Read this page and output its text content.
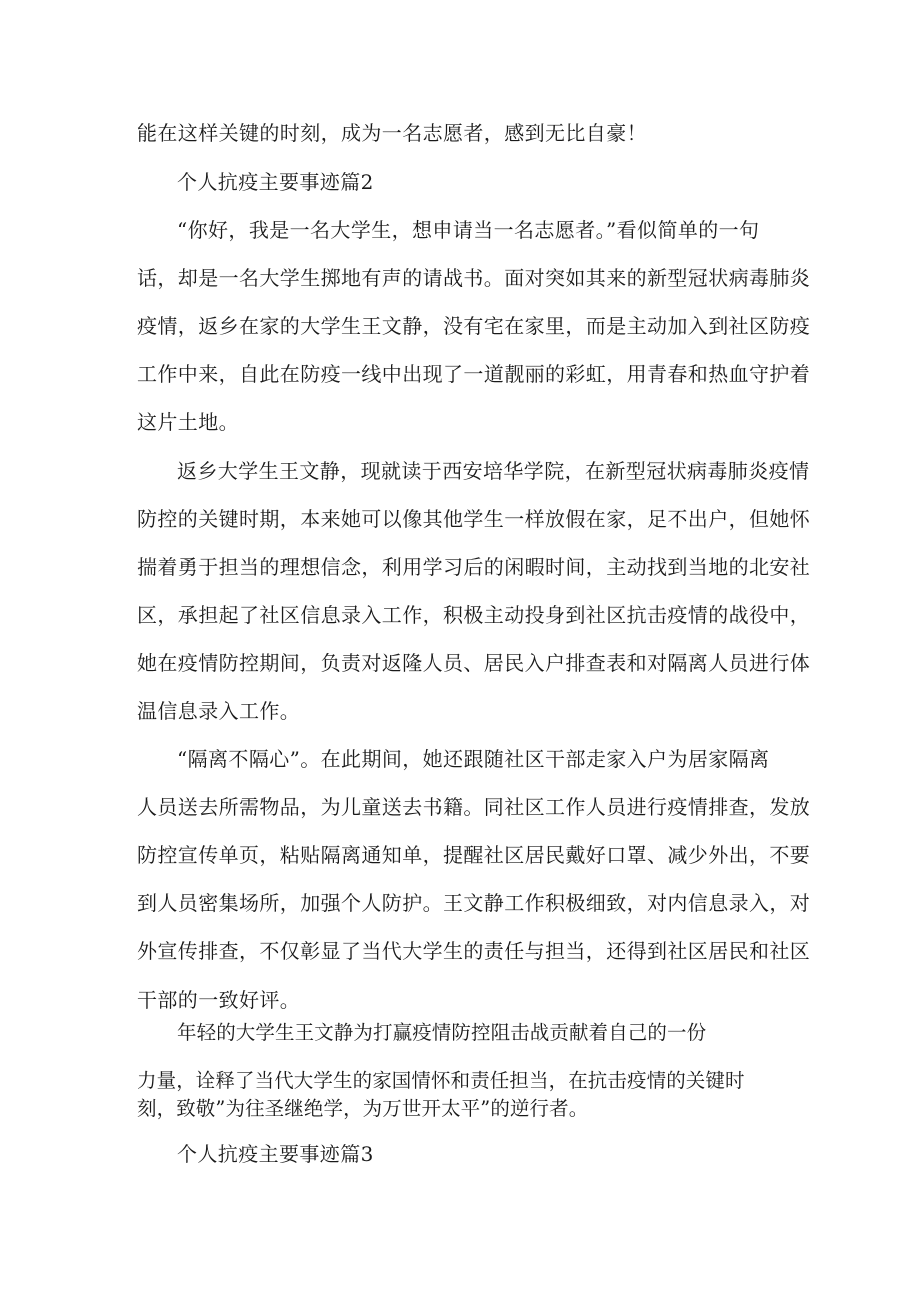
能在这样关键的时刻，成为一名志愿者，感到无比自豪！
个人抗疫主要事迹篇2
“你好，我是一名大学生，想申请当一名志愿者。”看似简单的一句
话，却是一名大学生掷地有声的请战书。面对突如其来的新型冠状病毒肺炎
疫情，返乡在家的大学生王文静，没有宅在家里，而是主动加入到社区防疫
工作中来，自此在防疫一线中出现了一道靓丽的彩虹，用青春和热血守护着
这片土地。
返乡大学生王文静，现就读于西安培华学院，在新型冠状病毒肺炎疫情
防控的关键时期，本来她可以像其他学生一样放假在家，足不出户，但她怀
揣着勇于担当的理想信念，利用学习后的闲暇时间，主动找到当地的北安社
区，承担起了社区信息录入工作，积极主动投身到社区抗击疫情的战役中，
她在疫情防控期间，负责对返隆人员、居民入户排查表和对隔离人员进行体
温信息录入工作。
“隔离不隔心”。在此期间，她还跟随社区干部走家入户为居家隔离
人员送去所需物品，为儿童送去书籍。同社区工作人员进行疫情排查，发放
防控宣传单页，粘贴隔离通知单，提醒社区居民戴好口罩、减少外出，不要
到人员密集场所，加强个人防护。王文静工作积极细致，对内信息录入，对
外宣传排查，不仅彰显了当代大学生的责任与担当，还得到社区居民和社区
干部的一致好评。
年轻的大学生王文静为打赢疫情防控阻击战贡献着自己的一份
力量，诠释了当代大学生的家国情怀和责任担当，在抗击疫情的关键时
刻，致敬”为往圣继绝学，为万世开太平”的逆行者。
个人抗疫主要事迹篇3
